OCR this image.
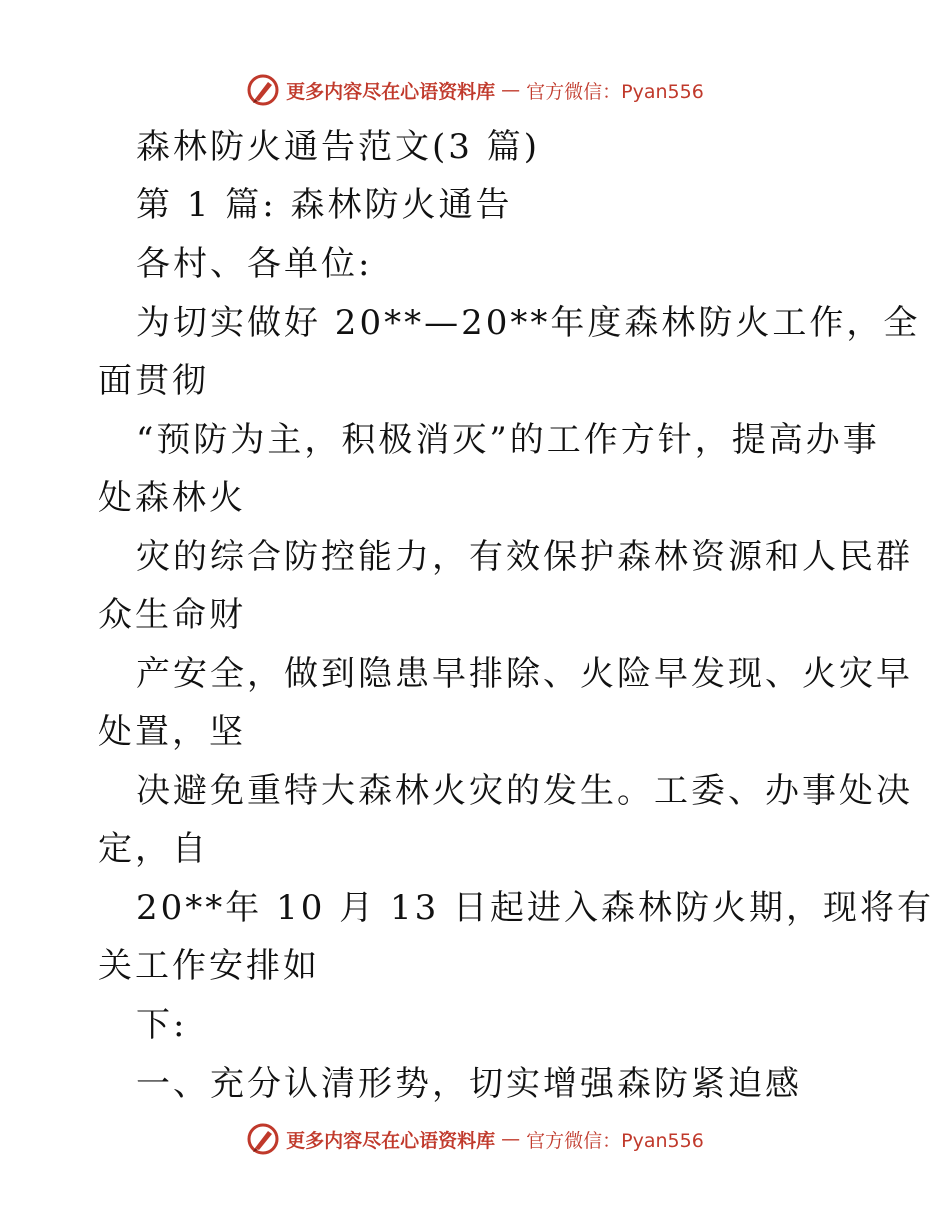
更多内容尽在心语资料库 — 官方微信：Pyan556
森林防火通告范文(3 篇)
第 1 篇: 森林防火通告
各村、各单位:
为切实做好 20**—20**年度森林防火工作，全
面贯彻
“预防为主，积极消灭”的工作方针，提高办事
处森林火
灾的综合防控能力，有效保护森林资源和人民群
众生命财
产安全，做到隐患早排除、火险早发现、火灾早
处置，坚
决避免重特大森林火灾的发生。工委、办事处决
定，自
20**年 10 月 13 日起进入森林防火期，现将有
关工作安排如
下:
一、充分认清形势，切实增强森防紧迫感
更多内容尽在心语资料库 — 官方微信：Pyan556
